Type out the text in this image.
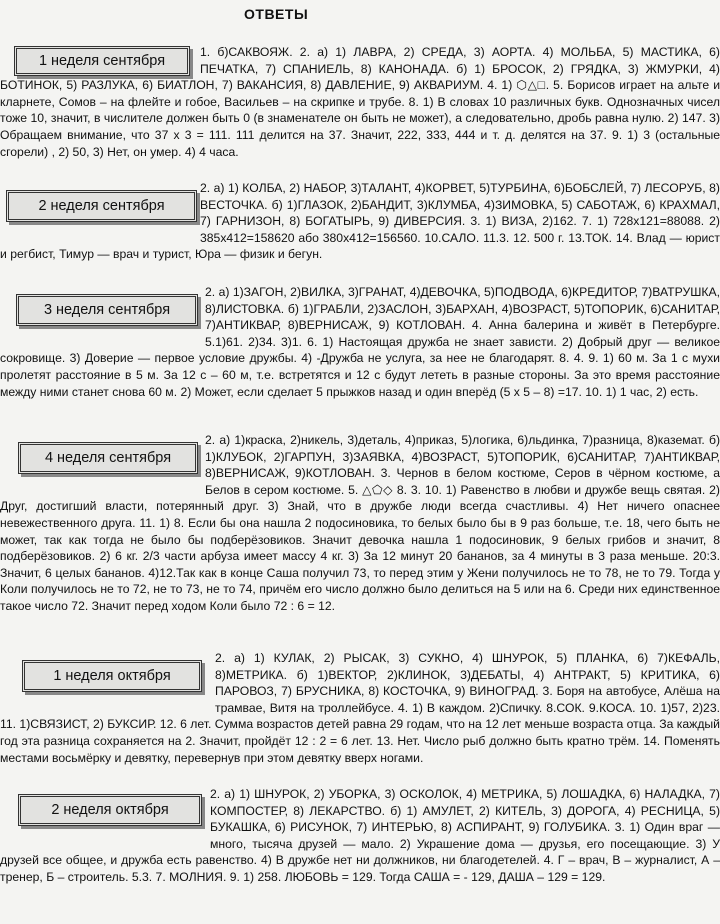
ОТВЕТЫ

1. б)САКВОЯЖ. 2. а) 1) ЛАВРА, 2) СРЕДА, 3) АОРТА. 4) МОЛЬБА, 5) МАСТИКА, 6) ПЕЧАТКА, 7) СПАНИЕЛЬ, 8) КАНОНАДА. б) 1) БРОСОК, 2) ГРЯДКА, 3) ЖМУРКИ, 4) БОТИНОК, 5) РАЗЛУКА, 6) БИАТЛОН, 7) ВАКАНСИЯ, 8) ДАВЛЕНИЕ, 9) АКВАРИУМ. 4. 1) ⬡△□. 5. Борисов играет на альте и кларнете, Сомов – на флейте и гобое, Васильев – на скрипке и трубе. 8. 1) В словах 10 различных букв. Однозначных чисел тоже 10, значит, в числителе должен быть 0 (в знаменателе он быть не может), а следовательно, дробь равна нулю. 2) 147. 3) Обращаем внимание, что 37 х 3 = 111. 111 делится на 37. Значит, 222, 333, 444 и т. д. делятся на 37. 9. 1) 3 (остальные сгорели) , 2) 50, 3) Нет, он умер. 4) 4 часа.

1 неделя сентября

2. а) 1) КОЛБА, 2) НАБОР, 3)ТАЛАНТ, 4)КОРВЕТ, 5)ТУРБИНА, 6)БОБСЛЕЙ, 7) ЛЕСОРУБ, 8) ВЕСТОЧКА. б) 1)ГЛАЗОК, 2)БАНДИТ, 3)КЛУМБА, 4)ЗИМОВКА, 5) САБОТАЖ, 6) КРАХМАЛ, 7) ГАРНИЗОН, 8) БОГАТЫРЬ, 9) ДИВЕРСИЯ. 3. 1) ВИЗА, 2)162. 7. 1) 728х121=88088. 2) 385х412=158620 або 380х412=156560. 10.САЛО. 11.3. 12. 500 г. 13.ТОК. 14. Влад — юрист и регбист, Тимур — врач и турист, Юра — физик и бегун.

2 неделя сентября

2. а) 1)ЗАГОН, 2)ВИЛКА, 3)ГРАНАТ, 4)ДЕВОЧКА, 5)ПОДВОДА, 6)КРЕДИТОР, 7)ВАТРУШКА, 8)ЛИСТОВКА. б) 1)ГРАБЛИ, 2)ЗАСЛОН, 3)БАРХАН, 4)ВОЗРАСТ, 5)ТОПОРИК, 6)САНИТАР, 7)АНТИКВАР, 8)ВЕРНИСАЖ, 9) КОТЛОВАН. 4. Анна балерина и живёт в Петербурге. 5.1)61. 2)34. 3)1. 6. 1) Настоящая дружба не знает зависти. 2) Добрый друг — великое сокровище. 3) Доверие — первое условие дружбы. 4) -Дружба не услуга, за нее не благодарят. 8. 4. 9. 1) 60 м. За 1 с мухи пролетят расстояние в 5 м. За 12 с – 60 м, т.е. встретятся и 12 с будут лететь в разные стороны. За это время расстояние между ними станет снова 60 м. 2) Может, если сделает 5 прыжков назад и один вперёд (5 х 5 – 8) =17. 10. 1) 1 час, 2) есть.

3 неделя сентября

2. а) 1)краска, 2)никель, 3)деталь, 4)приказ, 5)логика, 6)льдинка, 7)разница, 8)каземат. б) 1)КЛУБОК, 2)ГАРПУН, 3)ЗАЯВКА, 4)ВОЗРАСТ, 5)ТОПОРИК, 6)САНИТАР, 7)АНТИКВАР, 8)ВЕРНИСАЖ, 9)КОТЛОВАН. 3. Чернов в белом костюме, Серов в чёрном костюме, а Белов в сером костюме. 5. △⬠◇ 8. 3. 10. 1) Равенство в любви и дружбе вещь святая. 2) Друг, достигший власти, потерянный друг. 3) Знай, что в дружбе люди всегда счастливы. 4) Нет ничего опаснее невежественного друга. 11. 1) 8. Если бы она нашла 2 подосиновика, то белых было бы в 9 раз больше, т.е. 18, чего быть не может, так как тогда не было бы подберёзовиков. Значит девочка нашла 1 подосиновик, 9 белых грибов и значит, 8 подберёзовиков. 2) 6 кг. 2/3 части арбуза имеет массу 4 кг. 3) За 12 минут 20 бананов, за 4 минуты в 3 раза меньше. 20:3. Значит, 6 целых бананов. 4)12.Так как в конце Саша получил 73, то перед этим у Жени получилось не то 78, не то 79. Тогда у Коли получилось не то 72, не то 73, не то 74, причём его число должно было делиться на 5 или на 6. Среди них единственное такое число 72. Значит перед ходом Коли было 72 : 6 = 12.

4 неделя сентября

2. а) 1) КУЛАК, 2) РЫСАК, 3) СУКНО, 4) ШНУРОК, 5) ПЛАНКА, 6) 7)КЕФАЛЬ, 8)МЕТРИКА. б) 1)ВЕКТОР, 2)КЛИНОК, 3)ДЕБАТЫ, 4) АНТРАКТ, 5) КРИТИКА, 6) ПАРОВОЗ, 7) БРУСНИКА, 8) КОСТОЧКА, 9) ВИНОГРАД. 3. Боря на автобусе, Алёша на трамвае, Витя на троллейбусе. 4. 1) В каждом. 2)Спичку. 8.СОК. 9.КОСА. 10. 1)57, 2)23. 11. 1)СВЯЗИСТ, 2) БУКСИР. 12. 6 лет. Сумма возрастов детей равна 29 годам, что на 12 лет меньше возраста отца. За каждый год эта разница сохраняется на 2. Значит, пройдёт 12 : 2 = 6 лет. 13. Нет. Число рыб должно быть кратно трём. 14. Поменять местами восьмёрку и девятку, перевернув при этом девятку вверх ногами.

1 неделя октября

2. а) 1) ШНУРОК, 2) УБОРКА, 3) ОСКОЛОК, 4) МЕТРИКА, 5) ЛОШАДКА, 6) НАЛАДКА, 7) КОМПОСТЕР, 8) ЛЕКАРСТВО. б) 1) АМУЛЕТ, 2) КИТЕЛЬ, 3) ДОРОГА, 4) РЕСНИЦА, 5) БУКАШКА, 6) РИСУНОК, 7) ИНТЕРЬЮ, 8) АСПИРАНТ, 9) ГОЛУБИКА. 3. 1) Один враг — много, тысяча друзей — мало. 2) Украшение дома — друзья, его посещающие. 3) У друзей все общее, и дружба есть равенство. 4) В дружбе нет ни должников, ни благодетелей. 4. Г – врач, В – журналист, А – тренер, Б – строитель. 5.3. 7. МОЛНИЯ. 9. 1) 258. ЛЮБОВЬ = 129. Тогда САША = - 129, ДАША – 129 = 129.

2 неделя октября
